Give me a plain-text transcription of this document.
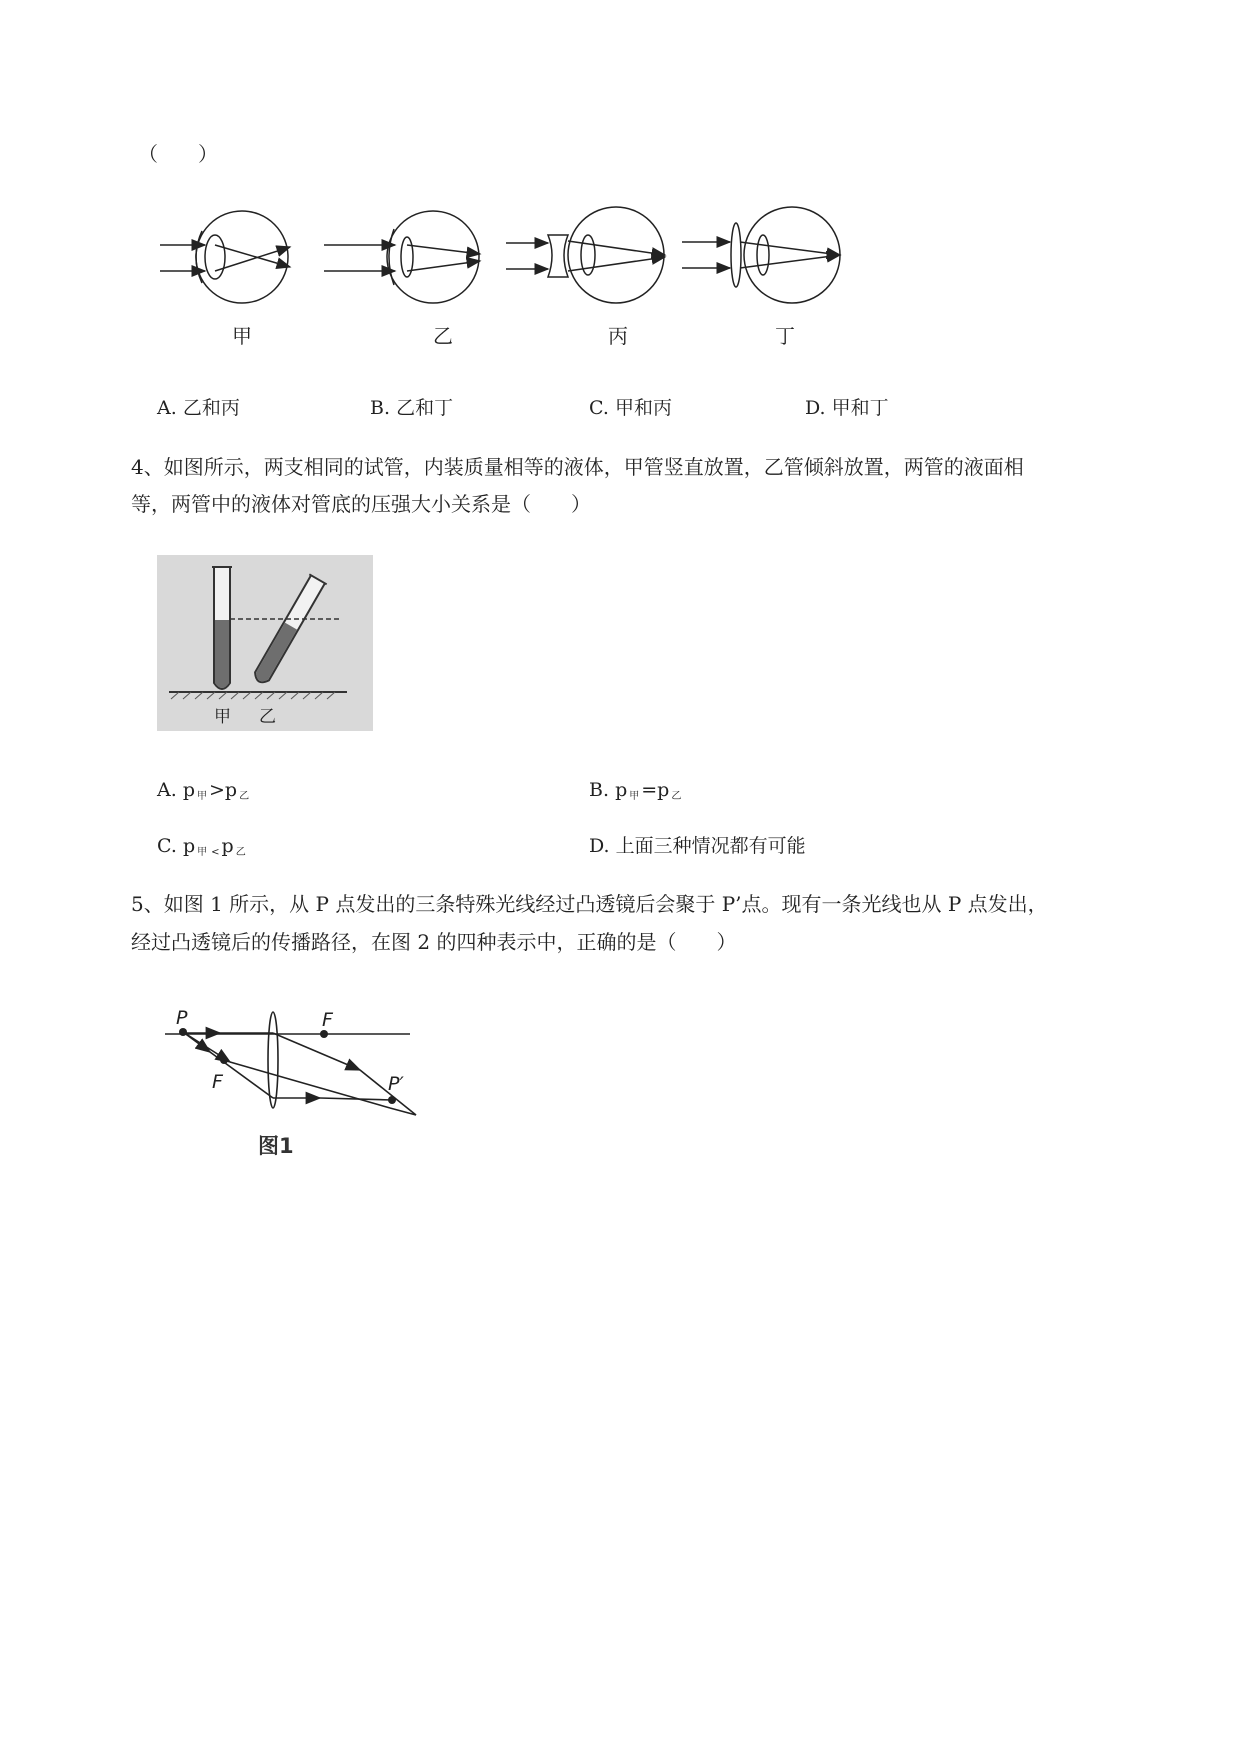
（　　）
甲	乙	丙	丁
A. 乙和丙	B. 乙和丁	C. 甲和丙	D. 甲和丁
4、如图所示，两支相同的试管，内装质量相等的液体，甲管竖直放置，乙管倾斜放置，两管的液面相
等，两管中的液体对管底的压强大小关系是（　　）
甲 乙
A. p $_甲$ >p $_乙$	B. p $_甲$ =p $_乙$
C. p $_甲$ $_<$ p $_乙$	D. 上面三种情况都有可能
5、如图 1 所示，从 P 点发出的三条特殊光线经过凸透镜后会聚于 P’点。现有一条光线也从 P 点发出，
经过凸透镜后的传播路径，在图 2 的四种表示中，正确的是（　　）
P	F
F	P′
图1
